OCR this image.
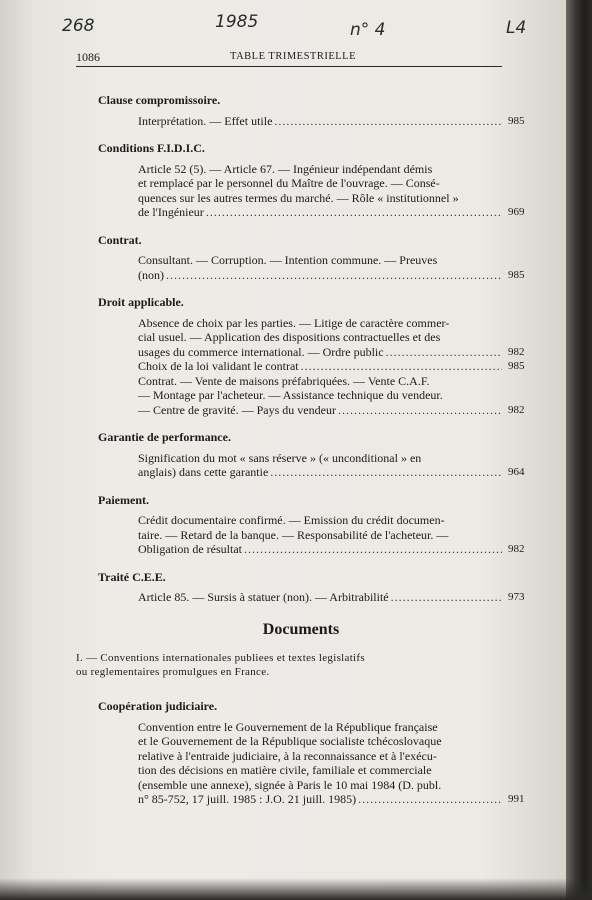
268	1985	n° 4	L4
1086	TABLE TRIMESTRIELLE
Clause compromissoire.
Interprétation. — Effet utile . . .	985
Conditions F.I.D.I.C.
Article 52 (5). — Article 67. — Ingénieur indépendant démis
et remplacé par le personnel du Maître de l'ouvrage. — Consé-
quences sur les autres termes du marché. — Rôle « institutionnel »
de l'Ingénieur . . .	969
Contrat.
Consultant. — Corruption. — Intention commune. — Preuves
(non) . . .	985
Droit applicable.
Absence de choix par les parties. — Litige de caractère commer-
cial usuel. — Application des dispositions contractuelles et des
usages du commerce international. — Ordre public . . .	982
Choix de la loi validant le contrat . . .	985
Contrat. — Vente de maisons préfabriquées. — Vente C.A.F.
— Montage par l'acheteur. — Assistance technique du vendeur.
— Centre de gravité. — Pays du vendeur . . .	982
Garantie de performance.
Signification du mot « sans réserve » (« unconditional » en
anglais) dans cette garantie . . .	964
Paiement.
Crédit documentaire confirmé. — Emission du crédit documen-
taire. — Retard de la banque. — Responsabilité de l'acheteur. —
Obligation de résultat . . .	982
Traité C.E.E.
Article 85. — Sursis à statuer (non). — Arbitrabilité . . .	973
Documents
I. — Conventions internationales publiees et textes legislatifs
ou reglementaires promulgues en France.
Coopération judiciaire.
Convention entre le Gouvernement de la République française
et le Gouvernement de la République socialiste tchécoslovaque
relative à l'entraide judiciaire, à la reconnaissance et à l'exécu-
tion des décisions en matière civile, familiale et commerciale
(ensemble une annexe), signée à Paris le 10 mai 1984 (D. publ.
n° 85-752, 17 juill. 1985 : J.O. 21 juill. 1985) . . .	991
